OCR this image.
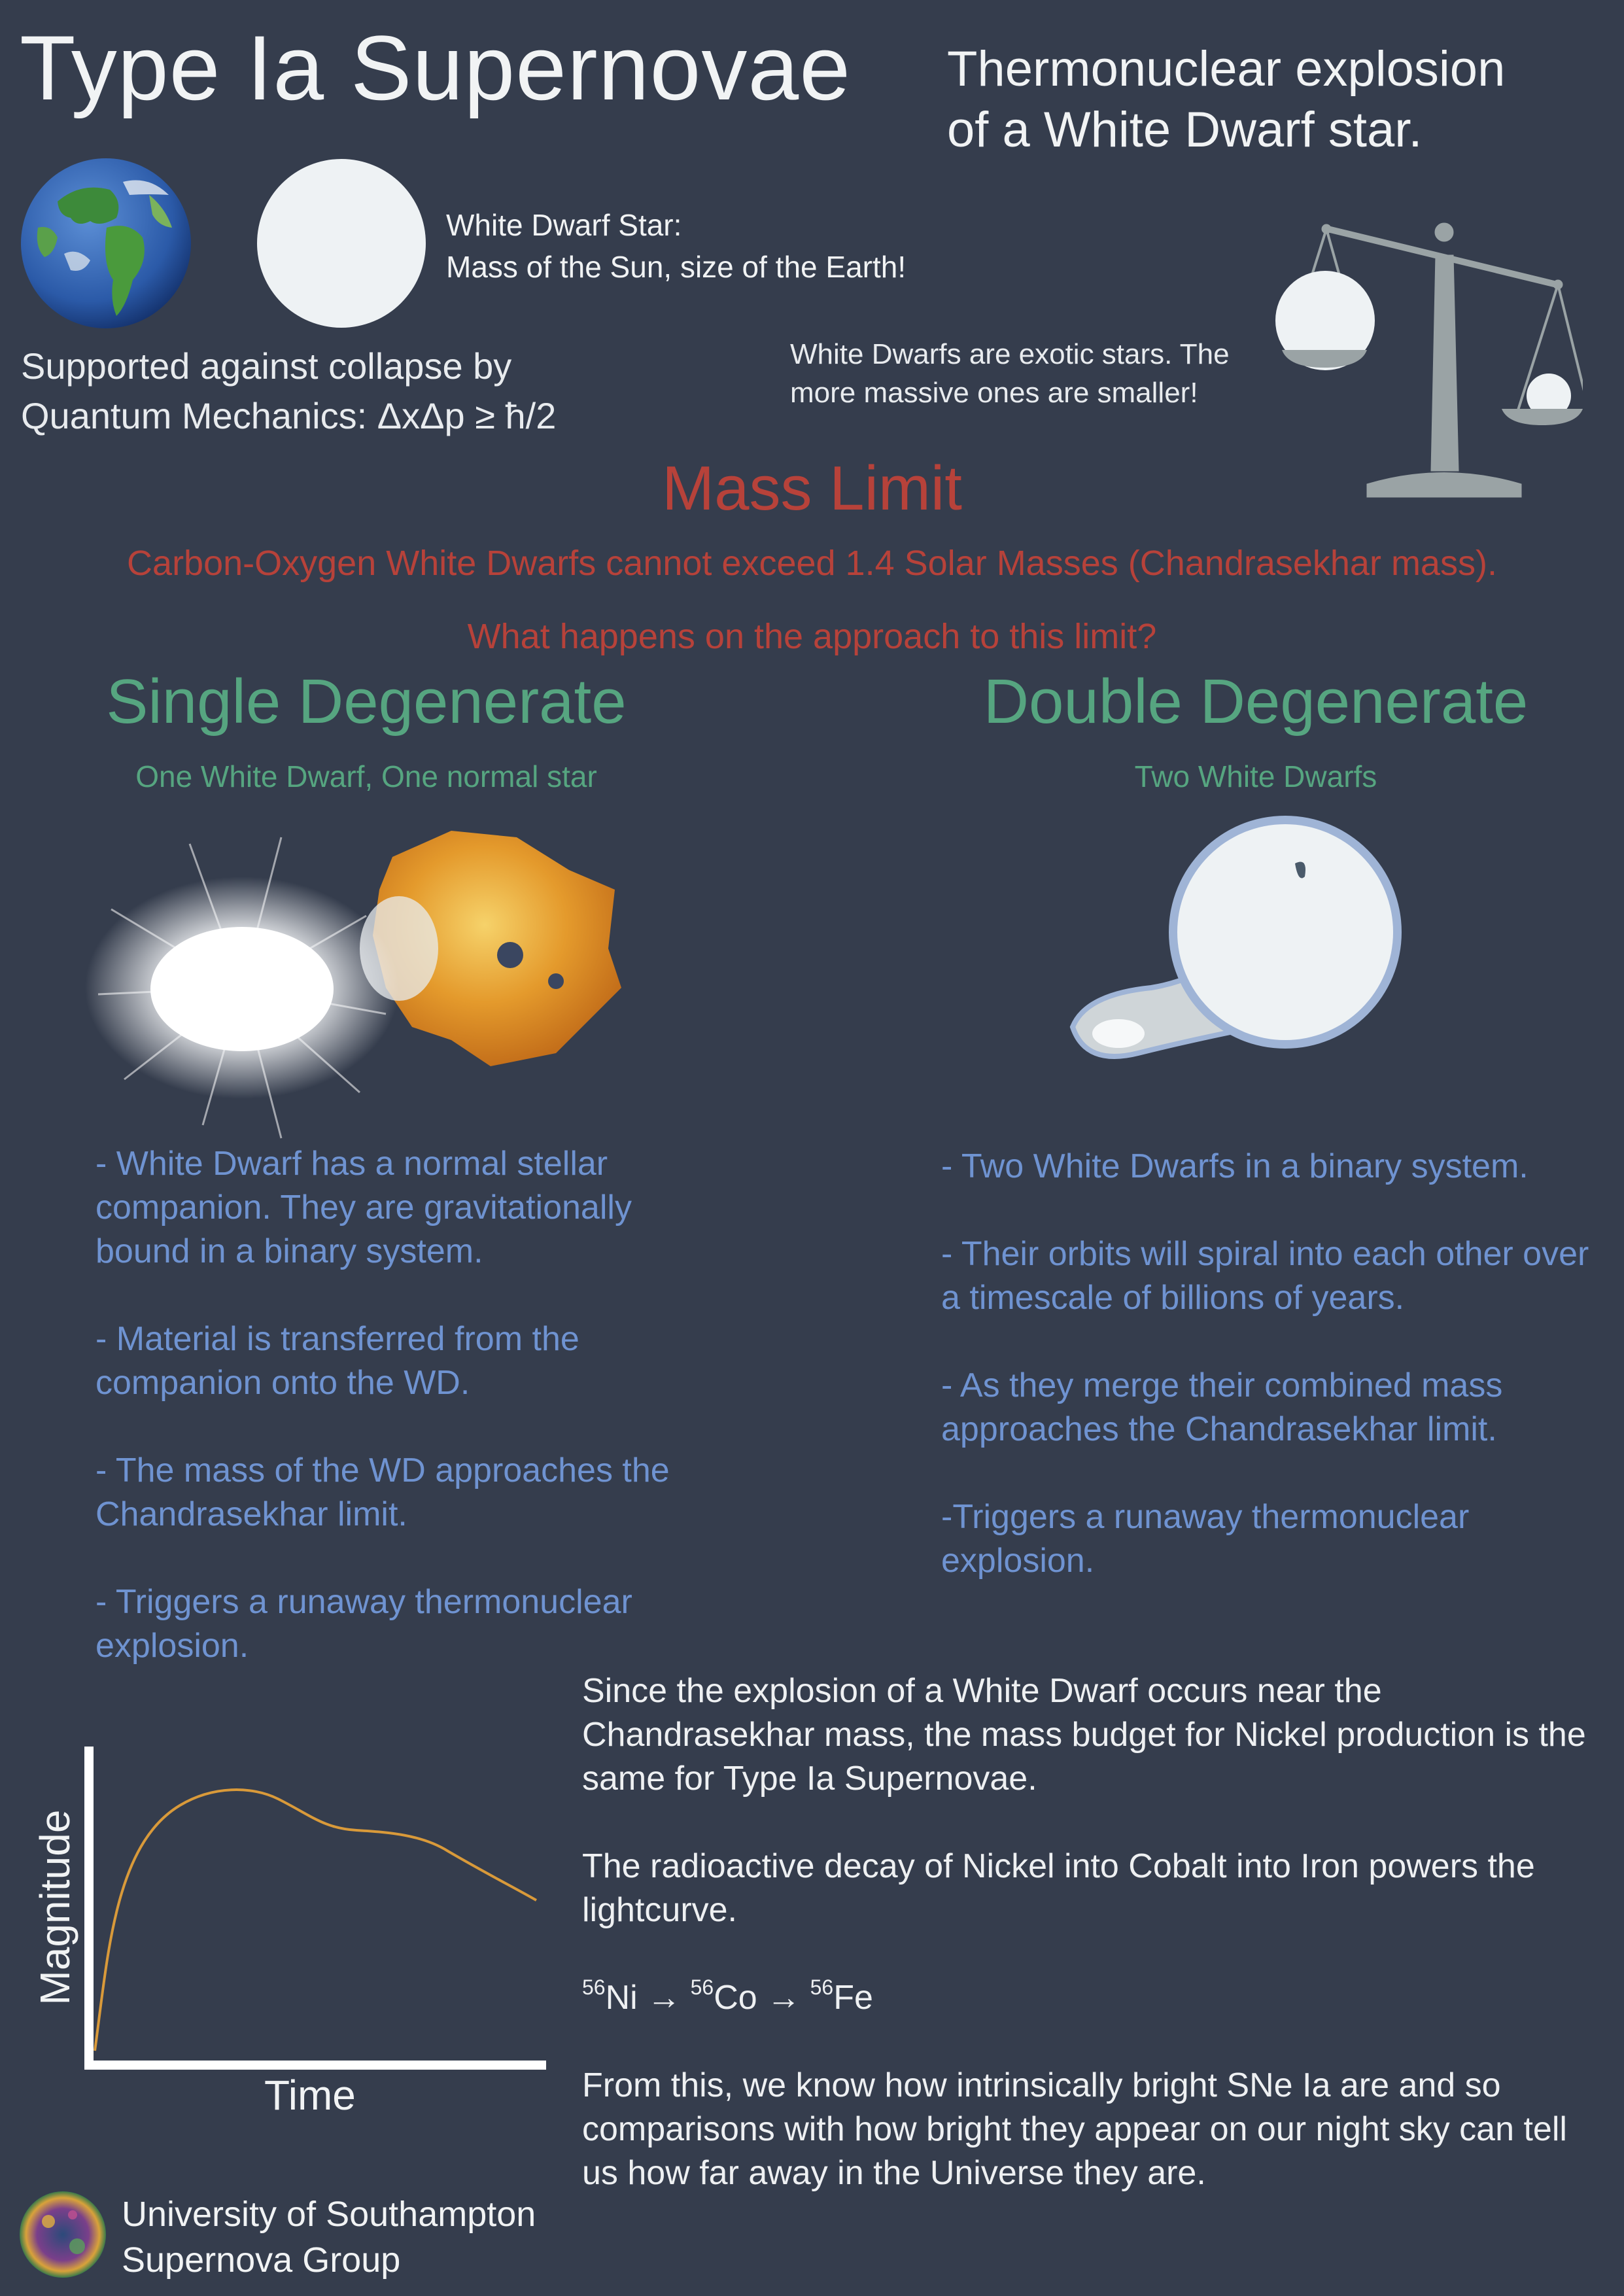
Type Ia Supernovae Thermonuclear explosion
of a White Dwarf star.
White Dwarf Star:
Mass of the Sun, size of the Earth!
Supported against collapse by
Quantum Mechanics: ΔxΔp ≥ ħ/2
White Dwarfs are exotic stars. The
more massive ones are smaller!
Mass Limit
Carbon-Oxygen White Dwarfs cannot exceed 1.4 Solar Masses (Chandrasekhar mass).
What happens on the approach to this limit?
Single Degenerate
One White Dwarf, One normal star

- White Dwarf has a normal stellar companion. They are gravitationally bound in a binary system.

- Material is transferred from the companion onto the WD.

- The mass of the WD approaches the Chandrasekhar limit.

- Triggers a runaway thermonuclear explosion.

Double Degenerate
Two White Dwarfs

- Two White Dwarfs in a binary system.

- Their orbits will spiral into each other over a timescale of billions of years.

- As they merge their combined mass approaches the Chandrasekhar limit.

-Triggers a runaway thermonuclear explosion.

Magnitude
Time

Since the explosion of a White Dwarf occurs near the Chandrasekhar mass, the mass budget for Nickel production is the same for Type Ia Supernovae.

The radioactive decay of Nickel into Cobalt into Iron powers the lightcurve.

$^{56}$Ni → $^{56}$Co → $^{56}$Fe

From this, we know how intrinsically bright SNe Ia are and so comparisons with how bright they appear on our night sky can tell us how far away in the Universe they are.

University of Southampton
Supernova Group
